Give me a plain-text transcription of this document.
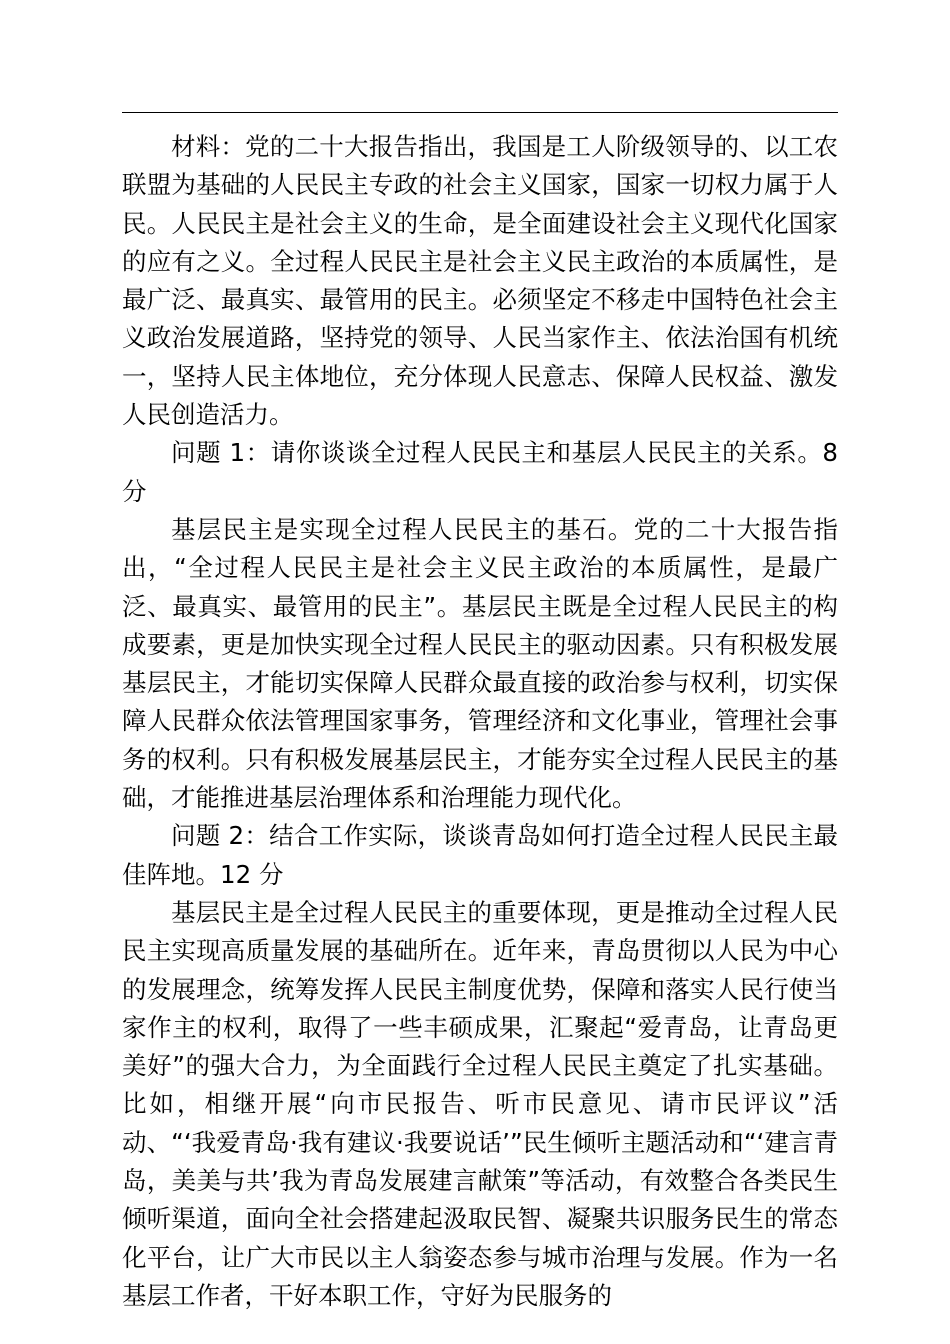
材料：党的二十大报告指出，我国是工人阶级领导的、以工农联盟为基础的人民民主专政的社会主义国家，国家一切权力属于人民。人民民主是社会主义的生命，是全面建设社会主义现代化国家的应有之义。全过程人民民主是社会主义民主政治的本质属性，是最广泛、最真实、最管用的民主。必须坚定不移走中国特色社会主义政治发展道路，坚持党的领导、人民当家作主、依法治国有机统一，坚持人民主体地位，充分体现人民意志、保障人民权益、激发人民创造活力。

问题 1：请你谈谈全过程人民民主和基层人民民主的关系。8 分

基层民主是实现全过程人民民主的基石。党的二十大报告指出，“全过程人民民主是社会主义民主政治的本质属性，是最广泛、最真实、最管用的民主”。基层民主既是全过程人民民主的构成要素，更是加快实现全过程人民民主的驱动因素。只有积极发展基层民主，才能切实保障人民群众最直接的政治参与权利，切实保障人民群众依法管理国家事务，管理经济和文化事业，管理社会事务的权利。只有积极发展基层民主，才能夯实全过程人民民主的基础，才能推进基层治理体系和治理能力现代化。

问题 2：结合工作实际，谈谈青岛如何打造全过程人民民主最佳阵地。12 分

基层民主是全过程人民民主的重要体现，更是推动全过程人民民主实现高质量发展的基础所在。近年来，青岛贯彻以人民为中心的发展理念，统筹发挥人民民主制度优势，保障和落实人民行使当家作主的权利，取得了一些丰硕成果，汇聚起“爱青岛，让青岛更美好”的强大合力，为全面践行全过程人民民主奠定了扎实基础。比如，相继开展“向市民报告、听市民意见、请市民评议”活动、“‘我爱青岛·我有建议·我要说话’”民生倾听主题活动和“‘建言青岛，美美与共’我为青岛发展建言献策”等活动，有效整合各类民生倾听渠道，面向全社会搭建起汲取民智、凝聚共识服务民生的常态化平台，让广大市民以主人翁姿态参与城市治理与发展。作为一名基层工作者，干好本职工作，守好为民服务的
